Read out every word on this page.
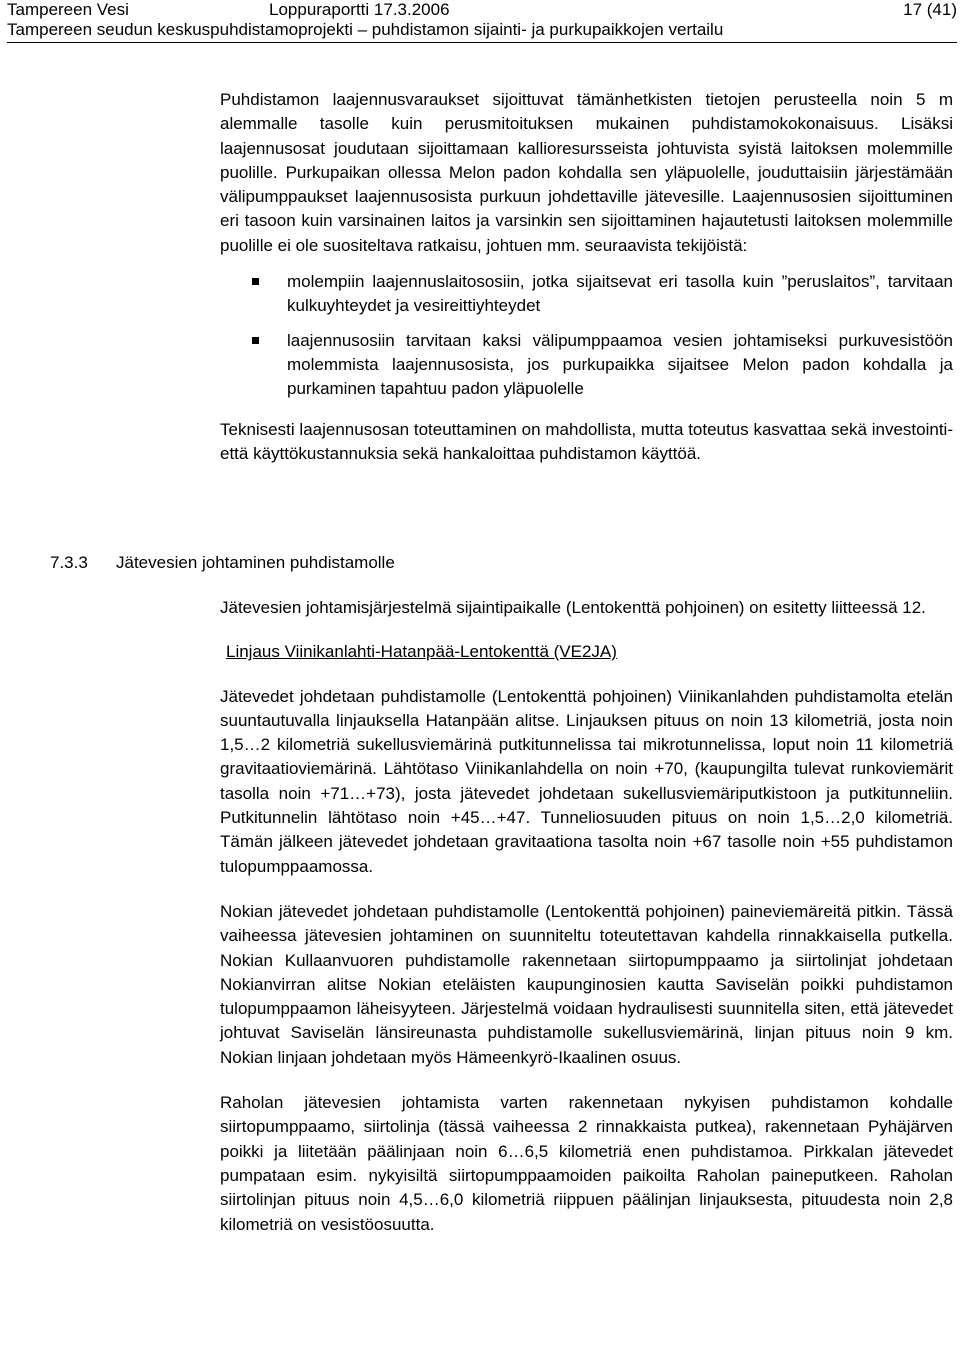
Tampereen Vesi	Loppuraportti 17.3.2006	17 (41)
Tampereen seudun keskuspuhdistamoprojekti – puhdistamon sijainti- ja purkupaikkojen vertailu

Puhdistamon laajennusvaraukset sijoittuvat tämänhetkisten tietojen perusteella noin 5 m alemmalle tasolle kuin perusmitoituksen mukainen puhdistamokokonaisuus. Lisäksi laajennusosat joudutaan sijoittamaan kallioresursseista johtuvista syistä laitoksen molemmille puolille. Purkupaikan ollessa Melon padon kohdalla sen yläpuolelle, jouduttaisiin järjestämään välipumppaukset laajennusosista purkuun johdettaville jätevesille. Laajennusosien sijoittuminen eri tasoon kuin varsinainen laitos ja varsinkin sen sijoittaminen hajautetusti laitoksen molemmille puolille ei ole suositeltava ratkaisu, johtuen mm. seuraavista tekijöistä:

molempiin laajennuslaitososiin, jotka sijaitsevat eri tasolla kuin ”peruslaitos”, tarvitaan kulkuyhteydet ja vesireittiyhteydet
laajennusosiin tarvitaan kaksi välipumppaamoa vesien johtamiseksi purkuvesistöön molemmista laajennusosista, jos purkupaikka sijaitsee Melon padon kohdalla ja purkaminen tapahtuu padon yläpuolelle

Teknisesti laajennusosan toteuttaminen on mahdollista, mutta toteutus kasvattaa sekä investointi- että käyttökustannuksia sekä hankaloittaa puhdistamon käyttöä.

7.3.3	Jätevesien johtaminen puhdistamolle

Jätevesien johtamisjärjestelmä sijaintipaikalle (Lentokenttä pohjoinen) on esitetty liitteessä 12.

Linjaus Viinikanlahti-Hatanpää-Lentokenttä (VE2JA)

Jätevedet johdetaan puhdistamolle (Lentokenttä pohjoinen) Viinikanlahden puhdistamolta etelän suuntautuvalla linjauksella Hatanpään alitse. Linjauksen pituus on noin 13 kilometriä, josta noin 1,5…2 kilometriä sukellusviemärinä putkitunnelissa tai mikrotunnelissa, loput noin 11 kilometriä gravitaatioviemärinä. Lähtötaso Viinikanlahdella on noin +70, (kaupungilta tulevat runkoviemärit tasolla noin +71…+73), josta jätevedet johdetaan sukellusviemäriputkistoon ja putkitunneliin. Putkitunnelin lähtötaso noin +45…+47. Tunneliosuuden pituus on noin 1,5…2,0 kilometriä. Tämän jälkeen jätevedet johdetaan gravitaationa tasolta noin +67 tasolle noin +55 puhdistamon tulopumppaamossa.

Nokian jätevedet johdetaan puhdistamolle (Lentokenttä pohjoinen) paineviemäreitä pitkin. Tässä vaiheessa jätevesien johtaminen on suunniteltu toteutettavan kahdella rinnakkaisella putkella. Nokian Kullaanvuoren puhdistamolle rakennetaan siirtopumppaamo ja siirtolinjat johdetaan Nokianvirran alitse Nokian eteläisten kaupunginosien kautta Saviselän poikki puhdistamon tulopumppaamon läheisyyteen. Järjestelmä voidaan hydraulisesti suunnitella siten, että jätevedet johtuvat Saviselän länsireunasta puhdistamolle sukellusviemärinä, linjan pituus noin 9 km. Nokian linjaan johdetaan myös Hämeenkyrö-Ikaalinen osuus.

Raholan jätevesien johtamista varten rakennetaan nykyisen puhdistamon kohdalle siirtopumppaamo, siirtolinja (tässä vaiheessa 2 rinnakkaista putkea), rakennetaan Pyhäjärven poikki ja liitetään päälinjaan noin 6…6,5 kilometriä enen puhdistamoa. Pirkkalan jätevedet pumpataan esim. nykyisiltä siirtopumppaamoiden paikoilta Raholan paineputkeen. Raholan siirtolinjan pituus noin 4,5…6,0 kilometriä riippuen päälinjan linjauksesta, pituudesta noin 2,8 kilometriä on vesistöosuutta.
